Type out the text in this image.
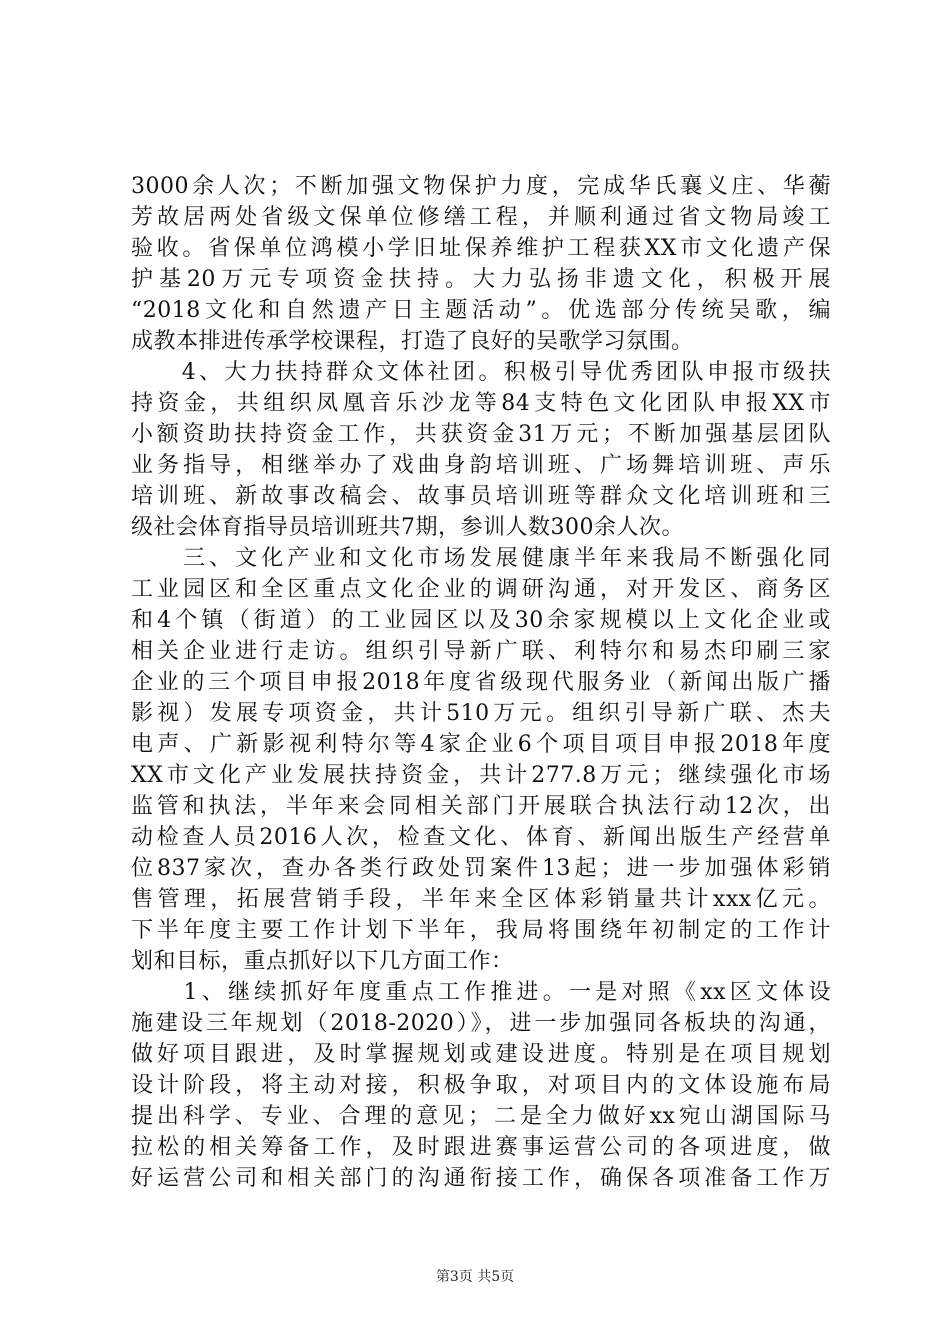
3000余人次；不断加强文物保护力度，完成华氏襄义庄、华蘅
芳故居两处省级文保单位修缮工程，并顺利通过省文物局竣工
验收。省保单位鸿模小学旧址保养维护工程获XX市文化遗产保
护基20万元专项资金扶持。大力弘扬非遗文化，积极开展
“2018文化和自然遗产日主题活动”。优选部分传统吴歌，编
成教本排进传承学校课程，打造了良好的吴歌学习氛围。
　　4、大力扶持群众文体社团。积极引导优秀团队申报市级扶
持资金，共组织凤凰音乐沙龙等84支特色文化团队申报XX市
小额资助扶持资金工作，共获资金31万元；不断加强基层团队
业务指导，相继举办了戏曲身韵培训班、广场舞培训班、声乐
培训班、新故事改稿会、故事员培训班等群众文化培训班和三
级社会体育指导员培训班共7期，参训人数300余人次。
　　三、文化产业和文化市场发展健康半年来我局不断强化同
工业园区和全区重点文化企业的调研沟通，对开发区、商务区
和4个镇（街道）的工业园区以及30余家规模以上文化企业或
相关企业进行走访。组织引导新广联、利特尔和易杰印刷三家
企业的三个项目申报2018年度省级现代服务业（新闻出版广播
影视）发展专项资金，共计510万元。组织引导新广联、杰夫
电声、广新影视利特尔等4家企业6个项目项目申报2018年度
XX市文化产业发展扶持资金，共计277.8万元；继续强化市场
监管和执法，半年来会同相关部门开展联合执法行动12次，出
动检查人员2016人次，检查文化、体育、新闻出版生产经营单
位837家次，查办各类行政处罚案件13起；进一步加强体彩销
售管理，拓展营销手段，半年来全区体彩销量共计xxx亿元。
下半年度主要工作计划下半年，我局将围绕年初制定的工作计
划和目标，重点抓好以下几方面工作：
　　1、继续抓好年度重点工作推进。一是对照《xx区文体设
施建设三年规划（2018-2020）》，进一步加强同各板块的沟通，
做好项目跟进，及时掌握规划或建设进度。特别是在项目规划
设计阶段，将主动对接，积极争取，对项目内的文体设施布局
提出科学、专业、合理的意见；二是全力做好xx宛山湖国际马
拉松的相关筹备工作，及时跟进赛事运营公司的各项进度，做
好运营公司和相关部门的沟通衔接工作，确保各项准备工作万
第3页 共5页
